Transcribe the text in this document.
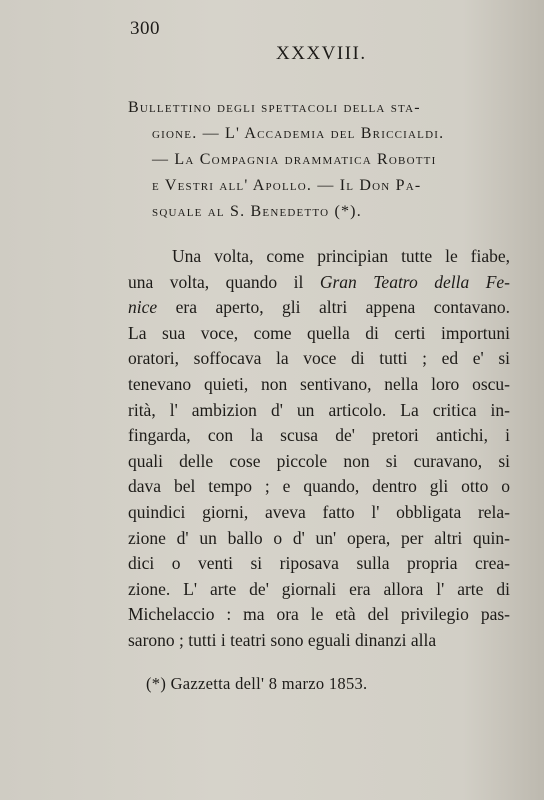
300
XXXVIII.
Bullettino degli spettacoli della sta-
gione. — L' Accademia del Briccialdi.
— La Compagnia drammatica Robotti
e Vestri all' Apollo. — Il Don Pa-
squale al S. Benedetto (*).
Una volta, come principian tutte le fiabe,
una volta, quando il Gran Teatro della Fe-
nice era aperto, gli altri appena contavano.
La sua voce, come quella di certi importuni
oratori, soffocava la voce di tutti ; ed e' si
tenevano quieti, non sentivano, nella loro oscu-
rità, l' ambizion d' un articolo. La critica in-
fingarda, con la scusa de' pretori antichi, i
quali delle cose piccole non si curavano, si
dava bel tempo ; e quando, dentro gli otto o
quindici giorni, aveva fatto l' obbligata rela-
zione d' un ballo o d' un' opera, per altri quin-
dici o venti si riposava sulla propria crea-
zione. L' arte de' giornali era allora l' arte di
Michelaccio : ma ora le età del privilegio pas-
sarono ; tutti i teatri sono eguali dinanzi alla
(*) Gazzetta dell' 8 marzo 1853.
